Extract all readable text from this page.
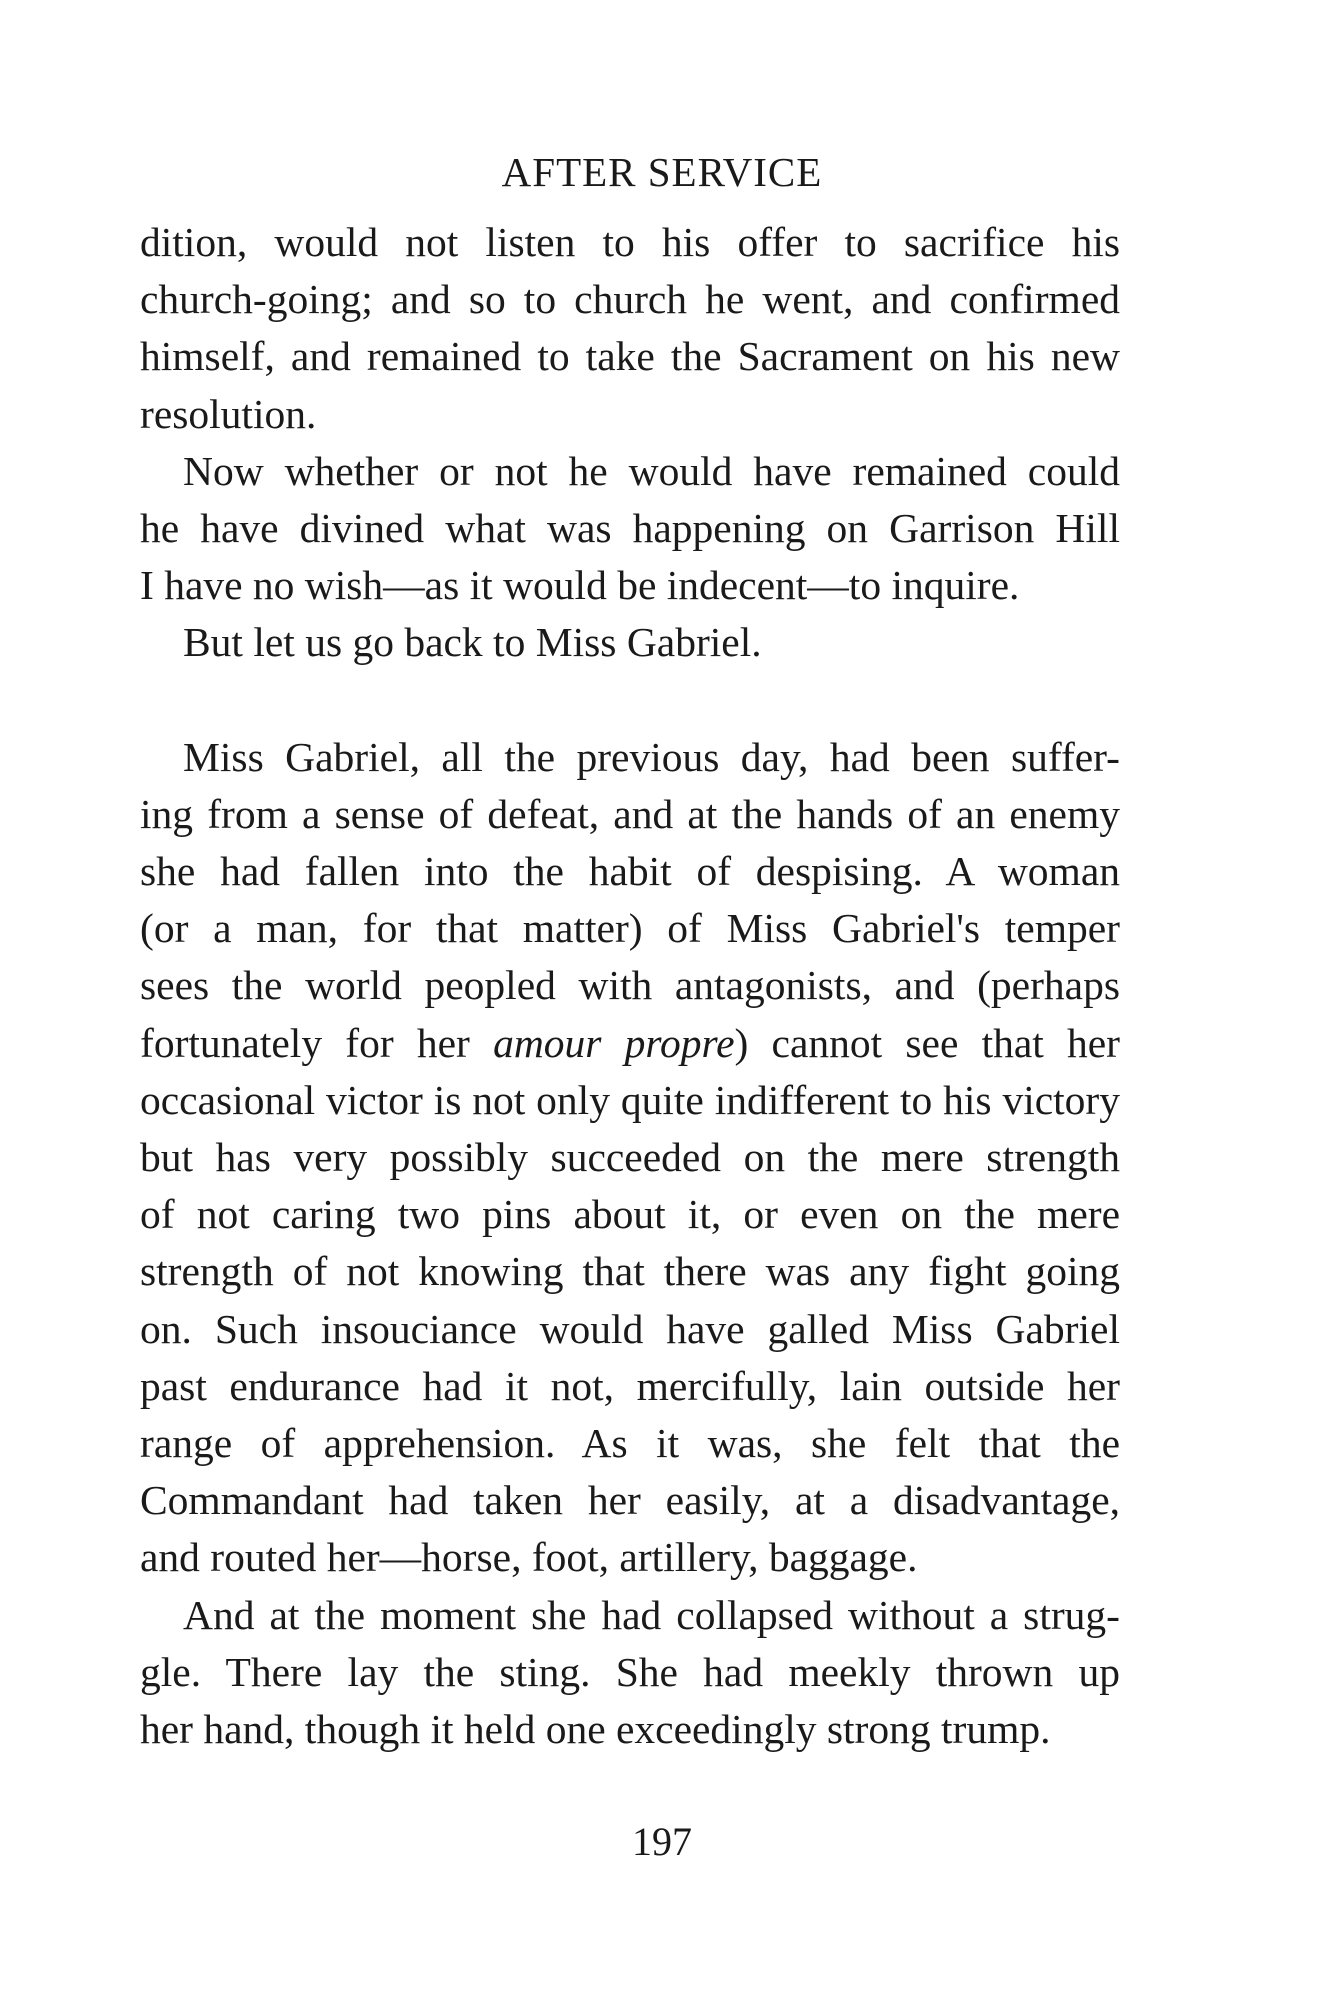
AFTER SERVICE
dition, would not listen to his offer to sacrifice his
church-going; and so to church he went, and confirmed
himself, and remained to take the Sacrament on his new
resolution.
Now whether or not he would have remained could
he have divined what was happening on Garrison Hill
I have no wish—as it would be indecent—to inquire.
But let us go back to Miss Gabriel.
Miss Gabriel, all the previous day, had been suffer-
ing from a sense of defeat, and at the hands of an enemy
she had fallen into the habit of despising. A woman
(or a man, for that matter) of Miss Gabriel's temper
sees the world peopled with antagonists, and (perhaps
fortunately for her amour propre) cannot see that her
occasional victor is not only quite indifferent to his victory
but has very possibly succeeded on the mere strength
of not caring two pins about it, or even on the mere
strength of not knowing that there was any fight going
on. Such insouciance would have galled Miss Gabriel
past endurance had it not, mercifully, lain outside her
range of apprehension. As it was, she felt that the
Commandant had taken her easily, at a disadvantage,
and routed her—horse, foot, artillery, baggage.
And at the moment she had collapsed without a strug-
gle. There lay the sting. She had meekly thrown up
her hand, though it held one exceedingly strong trump.
197
